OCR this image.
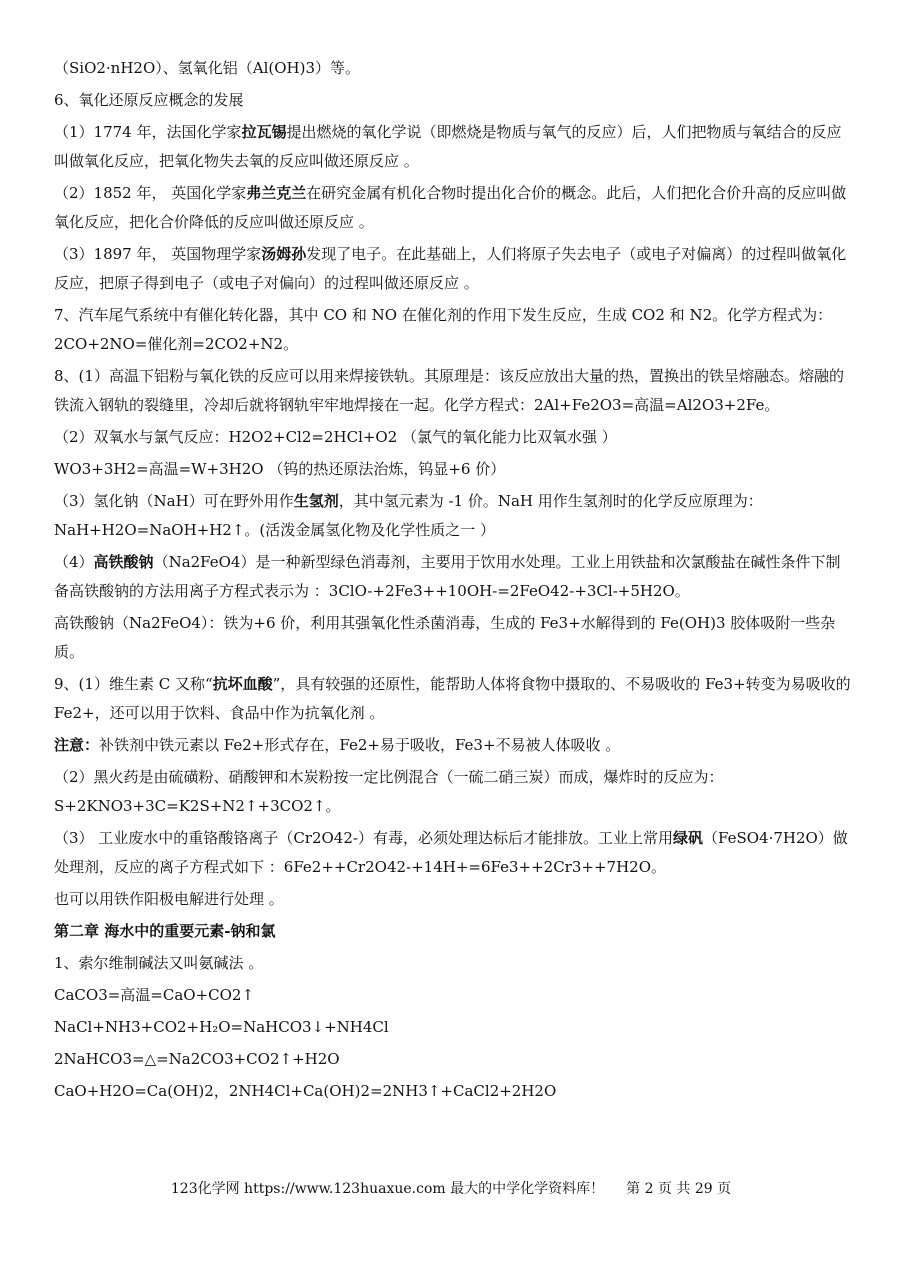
（SiO2·nH2O）、氢氧化铝（Al(OH)3）等。

6、氧化还原反应概念的发展

（1）1774 年，法国化学家拉瓦锡提出燃烧的氧化学说（即燃烧是物质与氧气的反应）后，人们把物质与氧结合的反应叫做氧化反应，把氧化物失去氧的反应叫做还原反应 。

（2）1852 年， 英国化学家弗兰克兰在研究金属有机化合物时提出化合价的概念。此后，人们把化合价升高的反应叫做氧化反应，把化合价降低的反应叫做还原反应 。

（3）1897 年， 英国物理学家汤姆孙发现了电子。在此基础上，人们将原子失去电子（或电子对偏离）的过程叫做氧化反应，把原子得到电子（或电子对偏向）的过程叫做还原反应 。

7、汽车尾气系统中有催化转化器，其中 CO 和 NO 在催化剂的作用下发生反应，生成 CO2 和 N2。化学方程式为：2CO+2NO=催化剂=2CO2+N2。

8、(1）高温下铝粉与氧化铁的反应可以用来焊接铁轨。其原理是：该反应放出大量的热，置换出的铁呈熔融态。熔融的铁流入钢轨的裂缝里，冷却后就将钢轨牢牢地焊接在一起。化学方程式：2Al+Fe2O3=高温=Al2O3+2Fe。

（2）双氧水与氯气反应：H2O2+Cl2=2HCl+O2 （氯气的氧化能力比双氧水强 ）

WO3+3H2=高温=W+3H2O （钨的热还原法治炼，钨显+6 价）

（3）氢化钠（NaH）可在野外用作生氢剂，其中氢元素为 -1 价。NaH 用作生氢剂时的化学反应原理为：NaH+H2O=NaOH+H2↑。(活泼金属氢化物及化学性质之一 ）

（4）高铁酸钠（Na2FeO4）是一种新型绿色消毒剂，主要用于饮用水处理。工业上用铁盐和次氯酸盐在碱性条件下制备高铁酸钠的方法用离子方程式表示为 ：3ClO-+2Fe3++10OH-=2FeO42-+3Cl-+5H2O。

高铁酸钠（Na2FeO4）：铁为+6 价，利用其强氧化性杀菌消毒，生成的 Fe3+水解得到的 Fe(OH)3 胶体吸附一些杂质。

9、(1）维生素 C 又称“抗坏血酸”，具有较强的还原性，能帮助人体将食物中摄取的、不易吸收的 Fe3+转变为易吸收的 Fe2+，还可以用于饮料、食品中作为抗氧化剂 。

注意：补铁剂中铁元素以 Fe2+形式存在，Fe2+易于吸收，Fe3+不易被人体吸收 。

（2）黑火药是由硫磺粉、硝酸钾和木炭粉按一定比例混合（一硫二硝三炭）而成，爆炸时的反应为：S+2KNO3+3C=K2S+N2↑+3CO2↑。

（3） 工业废水中的重铬酸铬离子（Cr2O42-）有毒，必须处理达标后才能排放。工业上常用绿矾（FeSO4·7H2O）做处理剂，反应的离子方程式如下 ：6Fe2++Cr2O42-+14H+=6Fe3++2Cr3++7H2O。

也可以用铁作阳极电解进行处理 。

第二章 海水中的重要元素-钠和氯

1、索尔维制碱法又叫氨碱法 。

CaCO3=高温=CaO+CO2↑

NaCl+NH3+CO2+H₂O=NaHCO3↓+NH4Cl

2NaHCO3=△=Na2CO3+CO2↑+H2O

CaO+H2O=Ca(OH)2，2NH4Cl+Ca(OH)2=2NH3↑+CaCl2+2H2O

123化学网 https://www.123huaxue.com 最大的中学化学资料库！ 第 2 页 共 29 页
